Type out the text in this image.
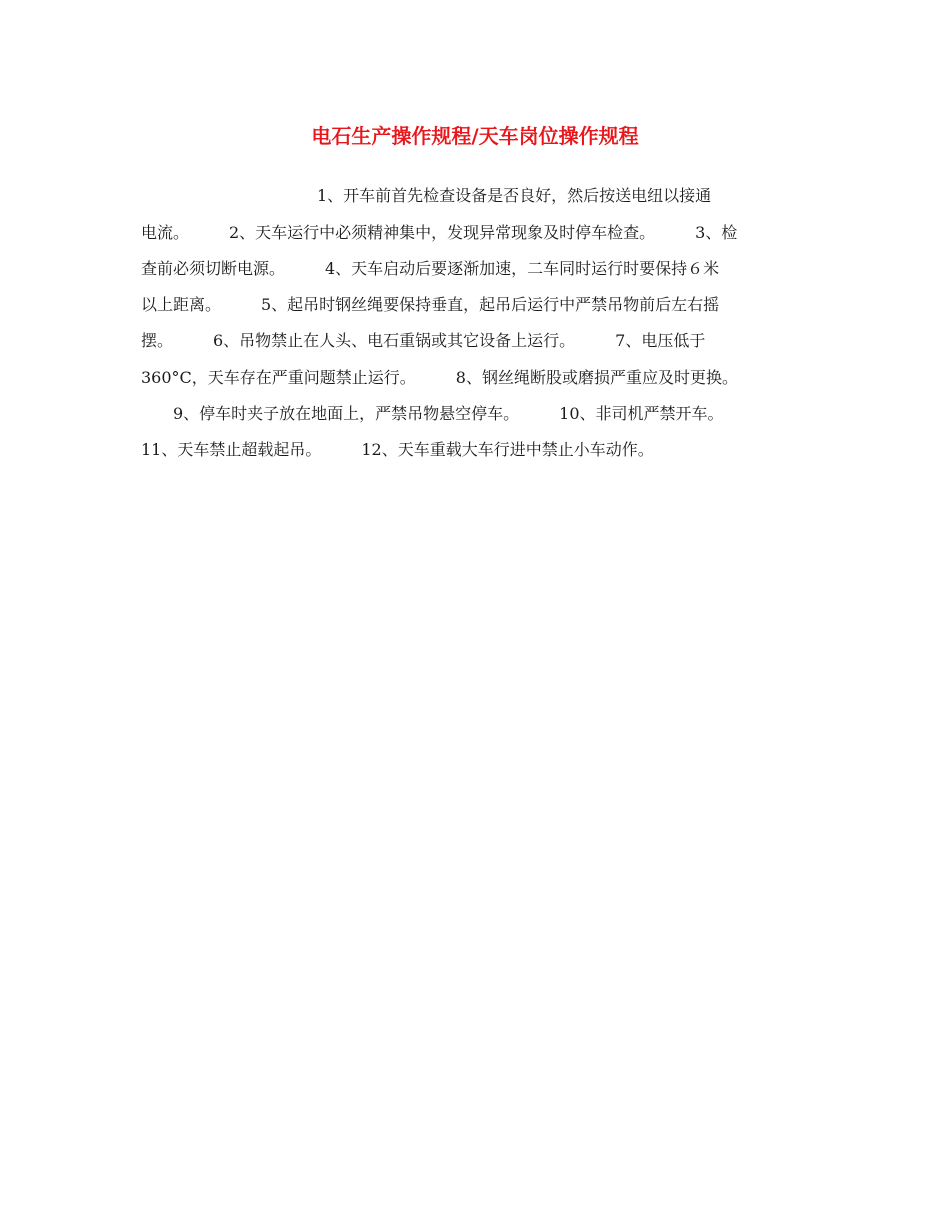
电石生产操作规程/天车岗位操作规程
　　　　　　　　　　　1、开车前首先检查设备是否良好，然后按送电纽以接通
电流。　　　2、天车运行中必须精神集中，发现异常现象及时停车检查。　　　3、检
查前必须切断电源。　　　4、天车启动后要逐渐加速，二车同时运行时要保持６米
以上距离。　　　5、起吊时钢丝绳要保持垂直，起吊后运行中严禁吊物前后左右摇
摆。　　　6、吊物禁止在人头、电石重锅或其它设备上运行。　　　7、电压低于
360°C，天车存在严重问题禁止运行。　　　8、钢丝绳断股或磨损严重应及时更换。
　　9、停车时夹子放在地面上，严禁吊物悬空停车。　　　10、非司机严禁开车。
11、天车禁止超载起吊。　　　12、天车重载大车行进中禁止小车动作。
